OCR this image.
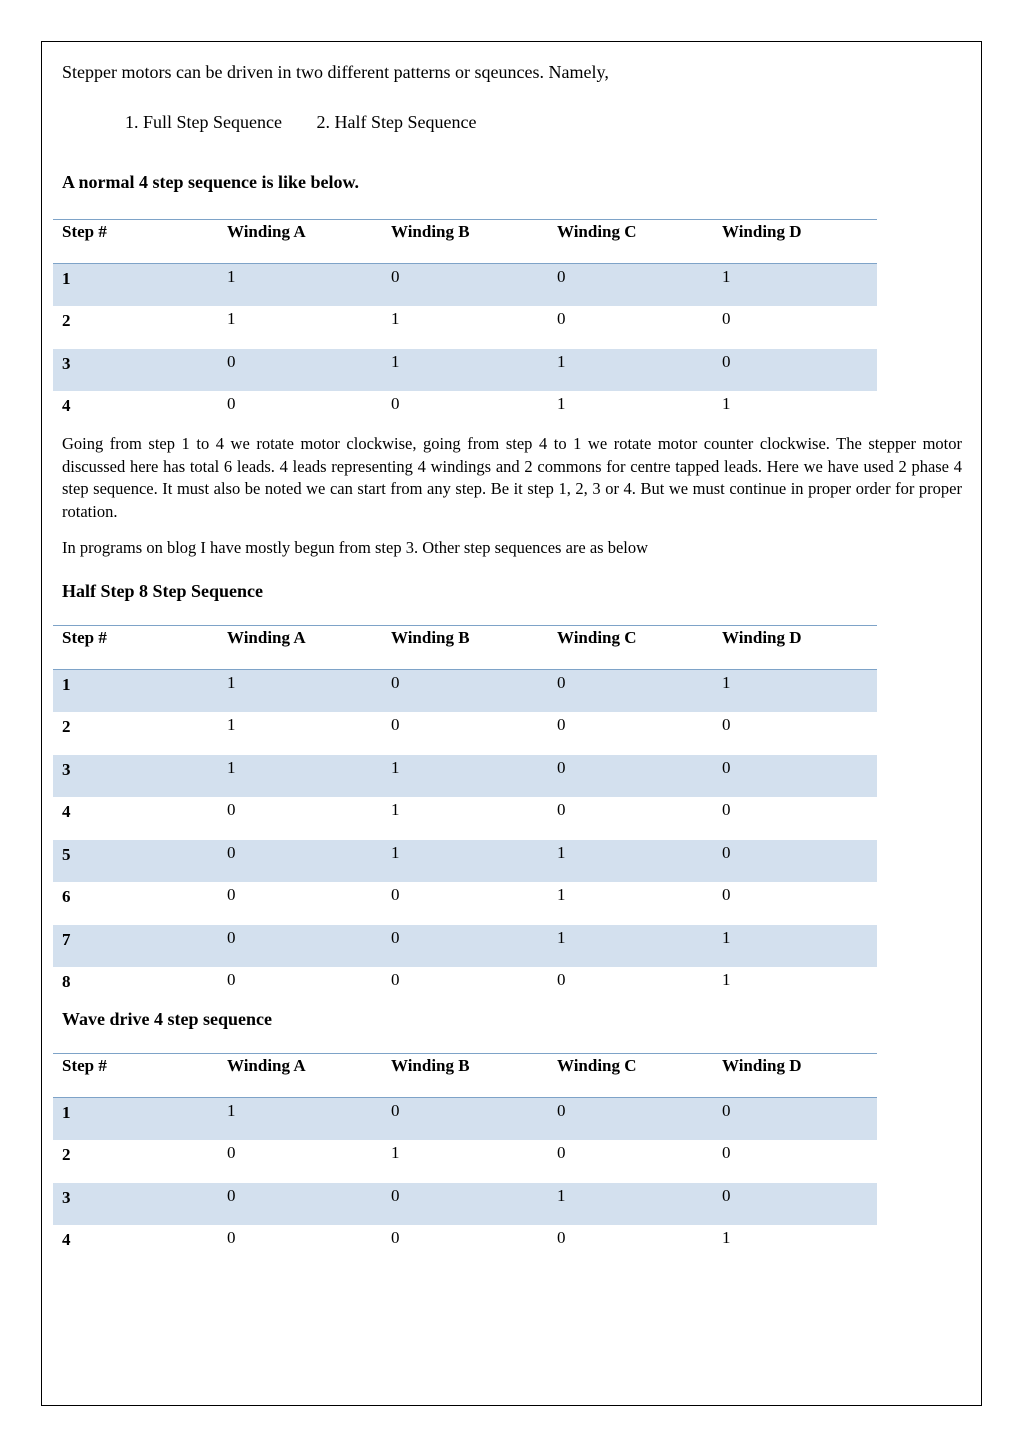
Stepper motors can be driven in two different patterns or sqeunces. Namely,

1. Full Step Sequence 2. Half Step Sequence

A normal 4 step sequence is like below.

Step #	Winding A	Winding B	Winding C	Winding D
1	1	0	0	1
2	1	1	0	0
3	0	1	1	0
4	0	0	1	1

Going from step 1 to 4 we rotate motor clockwise, going from step 4 to 1 we rotate motor counter clockwise. The stepper motor discussed here has total 6 leads. 4 leads representing 4 windings and 2 commons for centre tapped leads. Here we have used 2 phase 4 step sequence. It must also be noted we can start from any step. Be it step 1, 2, 3 or 4. But we must continue in proper order for proper rotation.

In programs on blog I have mostly begun from step 3. Other step sequences are as below

Half Step 8 Step Sequence

Step #	Winding A	Winding B	Winding C	Winding D
1	1	0	0	1
2	1	0	0	0
3	1	1	0	0
4	0	1	0	0
5	0	1	1	0
6	0	0	1	0
7	0	0	1	1
8	0	0	0	1

Wave drive 4 step sequence

Step #	Winding A	Winding B	Winding C	Winding D
1	1	0	0	0
2	0	1	0	0
3	0	0	1	0
4	0	0	0	1
